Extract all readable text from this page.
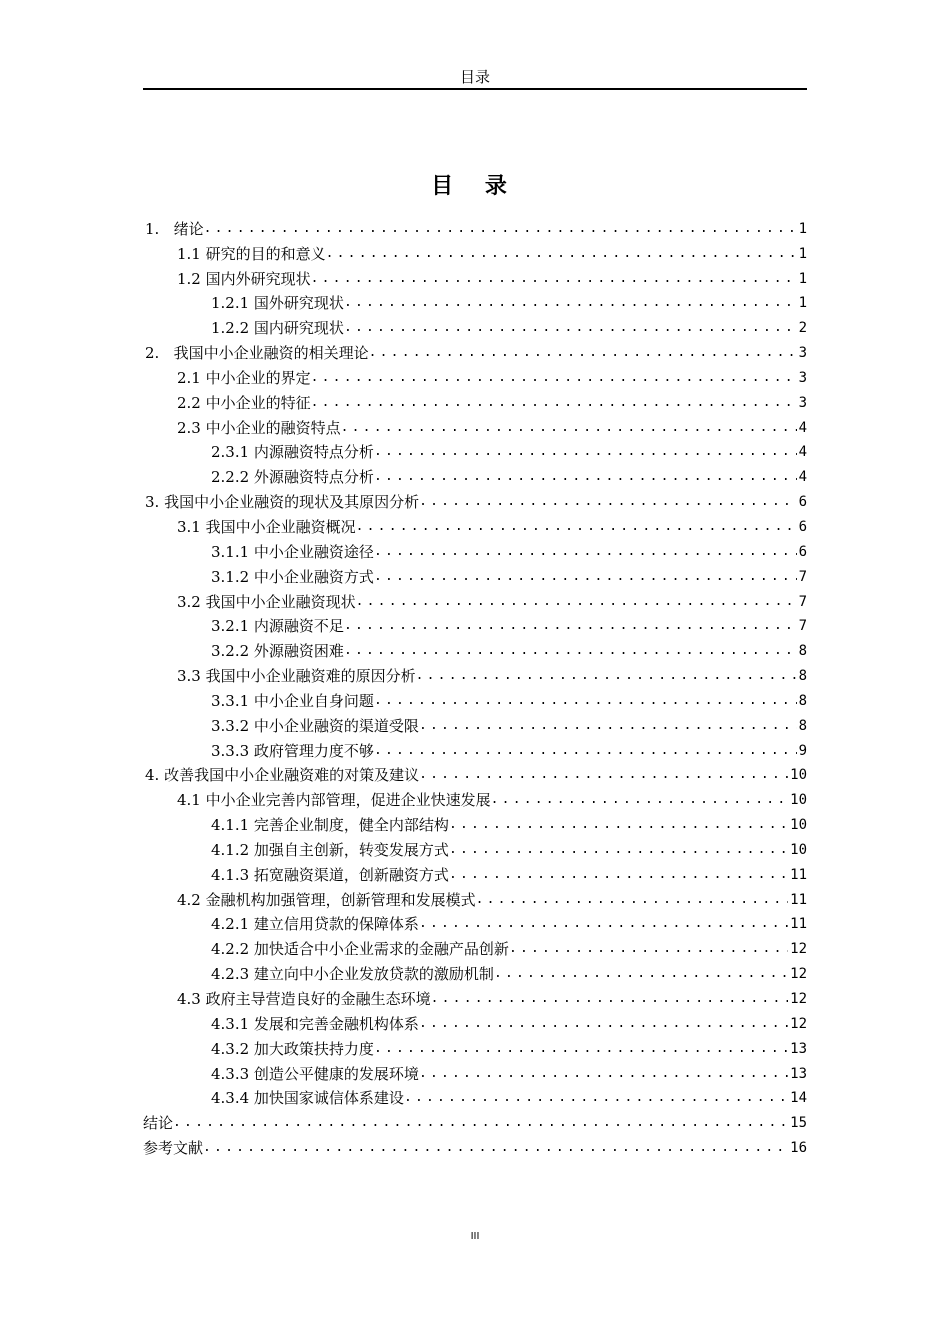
目录
目 录
1.   绪论 .....	1
1.1 研究的目的和意义 .....	1
1.2 国内外研究现状 .....	1
1.2.1 国外研究现状 .....	1
1.2.2 国内研究现状 .....	2
2.   我国中小企业融资的相关理论 .....	3
2.1 中小企业的界定 .....	3
2.2 中小企业的特征 .....	3
2.3 中小企业的融资特点 .....	4
2.3.1 内源融资特点分析 .....	4
2.2.2 外源融资特点分析 .....	4
3. 我国中小企业融资的现状及其原因分析 .....	6
3.1 我国中小企业融资概况 .....	6
3.1.1 中小企业融资途径 .....	6
3.1.2 中小企业融资方式 .....	7
3.2 我国中小企业融资现状 .....	7
3.2.1 内源融资不足 .....	7
3.2.2 外源融资困难 .....	8
3.3 我国中小企业融资难的原因分析 .....	8
3.3.1 中小企业自身问题 .....	8
3.3.2 中小企业融资的渠道受限 .....	8
3.3.3 政府管理力度不够 .....	9
4. 改善我国中小企业融资难的对策及建议 .....	10
4.1 中小企业完善内部管理，促进企业快速发展 .....	10
4.1.1 完善企业制度，健全内部结构 .....	10
4.1.2 加强自主创新，转变发展方式 .....	10
4.1.3 拓宽融资渠道，创新融资方式 .....	11
4.2 金融机构加强管理，创新管理和发展模式 .....	11
4.2.1 建立信用贷款的保障体系 .....	11
4.2.2 加快适合中小企业需求的金融产品创新 .....	12
4.2.3 建立向中小企业发放贷款的激励机制 .....	12
4.3 政府主导营造良好的金融生态环境 .....	12
4.3.1 发展和完善金融机构体系 .....	12
4.3.2 加大政策扶持力度 .....	13
4.3.3 创造公平健康的发展环境 .....	13
4.3.4 加快国家诚信体系建设 .....	14
结论 .....	15
参考文献 .....	16
III
